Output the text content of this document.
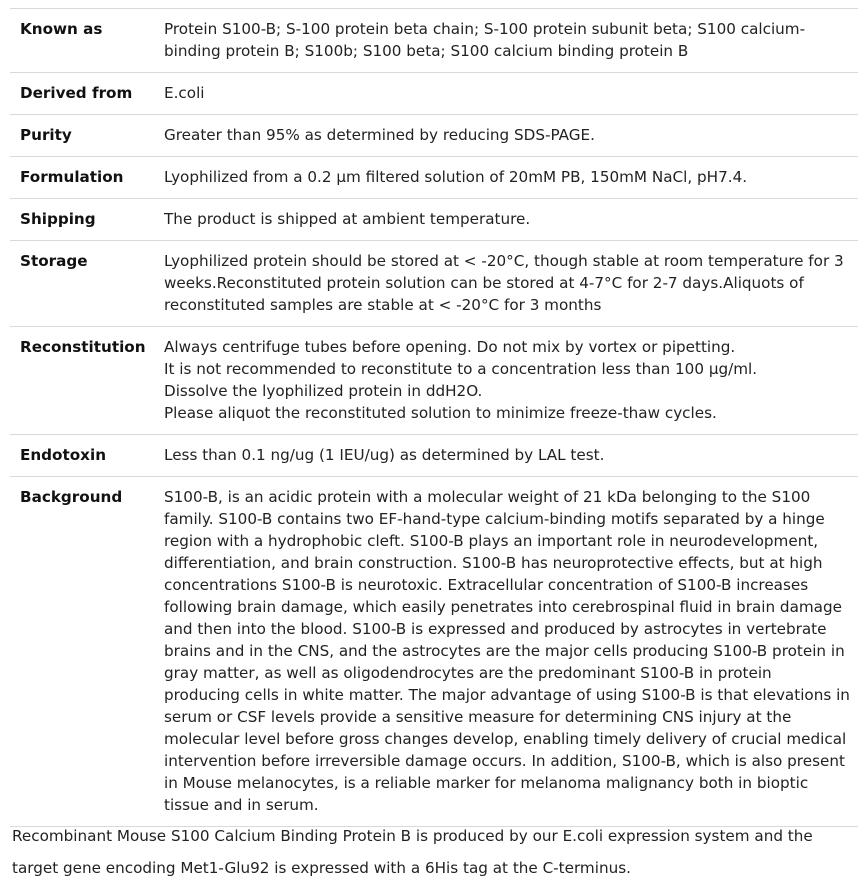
Known as	Protein S100-B; S-100 protein beta chain; S-100 protein subunit beta; S100 calcium-binding protein B; S100b; S100 beta; S100 calcium binding protein B
Derived from	E.coli
Purity	Greater than 95% as determined by reducing SDS-PAGE.
Formulation	Lyophilized from a 0.2 μm filtered solution of 20mM PB, 150mM NaCl, pH7.4.
Shipping	The product is shipped at ambient temperature.
Storage	Lyophilized protein should be stored at < -20°C, though stable at room temperature for 3 weeks.Reconstituted protein solution can be stored at 4-7°C for 2-7 days.Aliquots of reconstituted samples are stable at < -20°C for 3 months
Reconstitution	Always centrifuge tubes before opening. Do not mix by vortex or pipetting.
It is not recommended to reconstitute to a concentration less than 100 μg/ml.
Dissolve the lyophilized protein in ddH2O.
Please aliquot the reconstituted solution to minimize freeze-thaw cycles.

Endotoxin	Less than 0.1 ng/ug (1 IEU/ug) as determined by LAL test.
Background	S100-B, is an acidic protein with a molecular weight of 21 kDa belonging to the S100 family. S100-B contains two EF-hand-type calcium-binding motifs separated by a hinge region with a hydrophobic cleft. S100-B plays an important role in neurodevelopment, differentiation, and brain construction. S100-B has neuroprotective effects, but at high concentrations S100-B is neurotoxic. Extracellular concentration of S100-B increases following brain damage, which easily penetrates into cerebrospinal fluid in brain damage and then into the blood. S100-B is expressed and produced by astrocytes in vertebrate brains and in the CNS, and the astrocytes are the major cells producing S100-B protein in gray matter, as well as oligodendrocytes are the predominant S100-B in protein producing cells in white matter. The major advantage of using S100-B is that elevations in serum or CSF levels provide a sensitive measure for determining CNS injury at the molecular level before gross changes develop, enabling timely delivery of crucial medical intervention before irreversible damage occurs. In addition, S100-B, which is also present in Mouse melanocytes, is a reliable marker for melanoma malignancy both in bioptic tissue and in serum.

Recombinant Mouse S100 Calcium Binding Protein B is produced by our E.coli expression system and the target gene encoding Met1-Glu92 is expressed with a 6His tag at the C-terminus.
